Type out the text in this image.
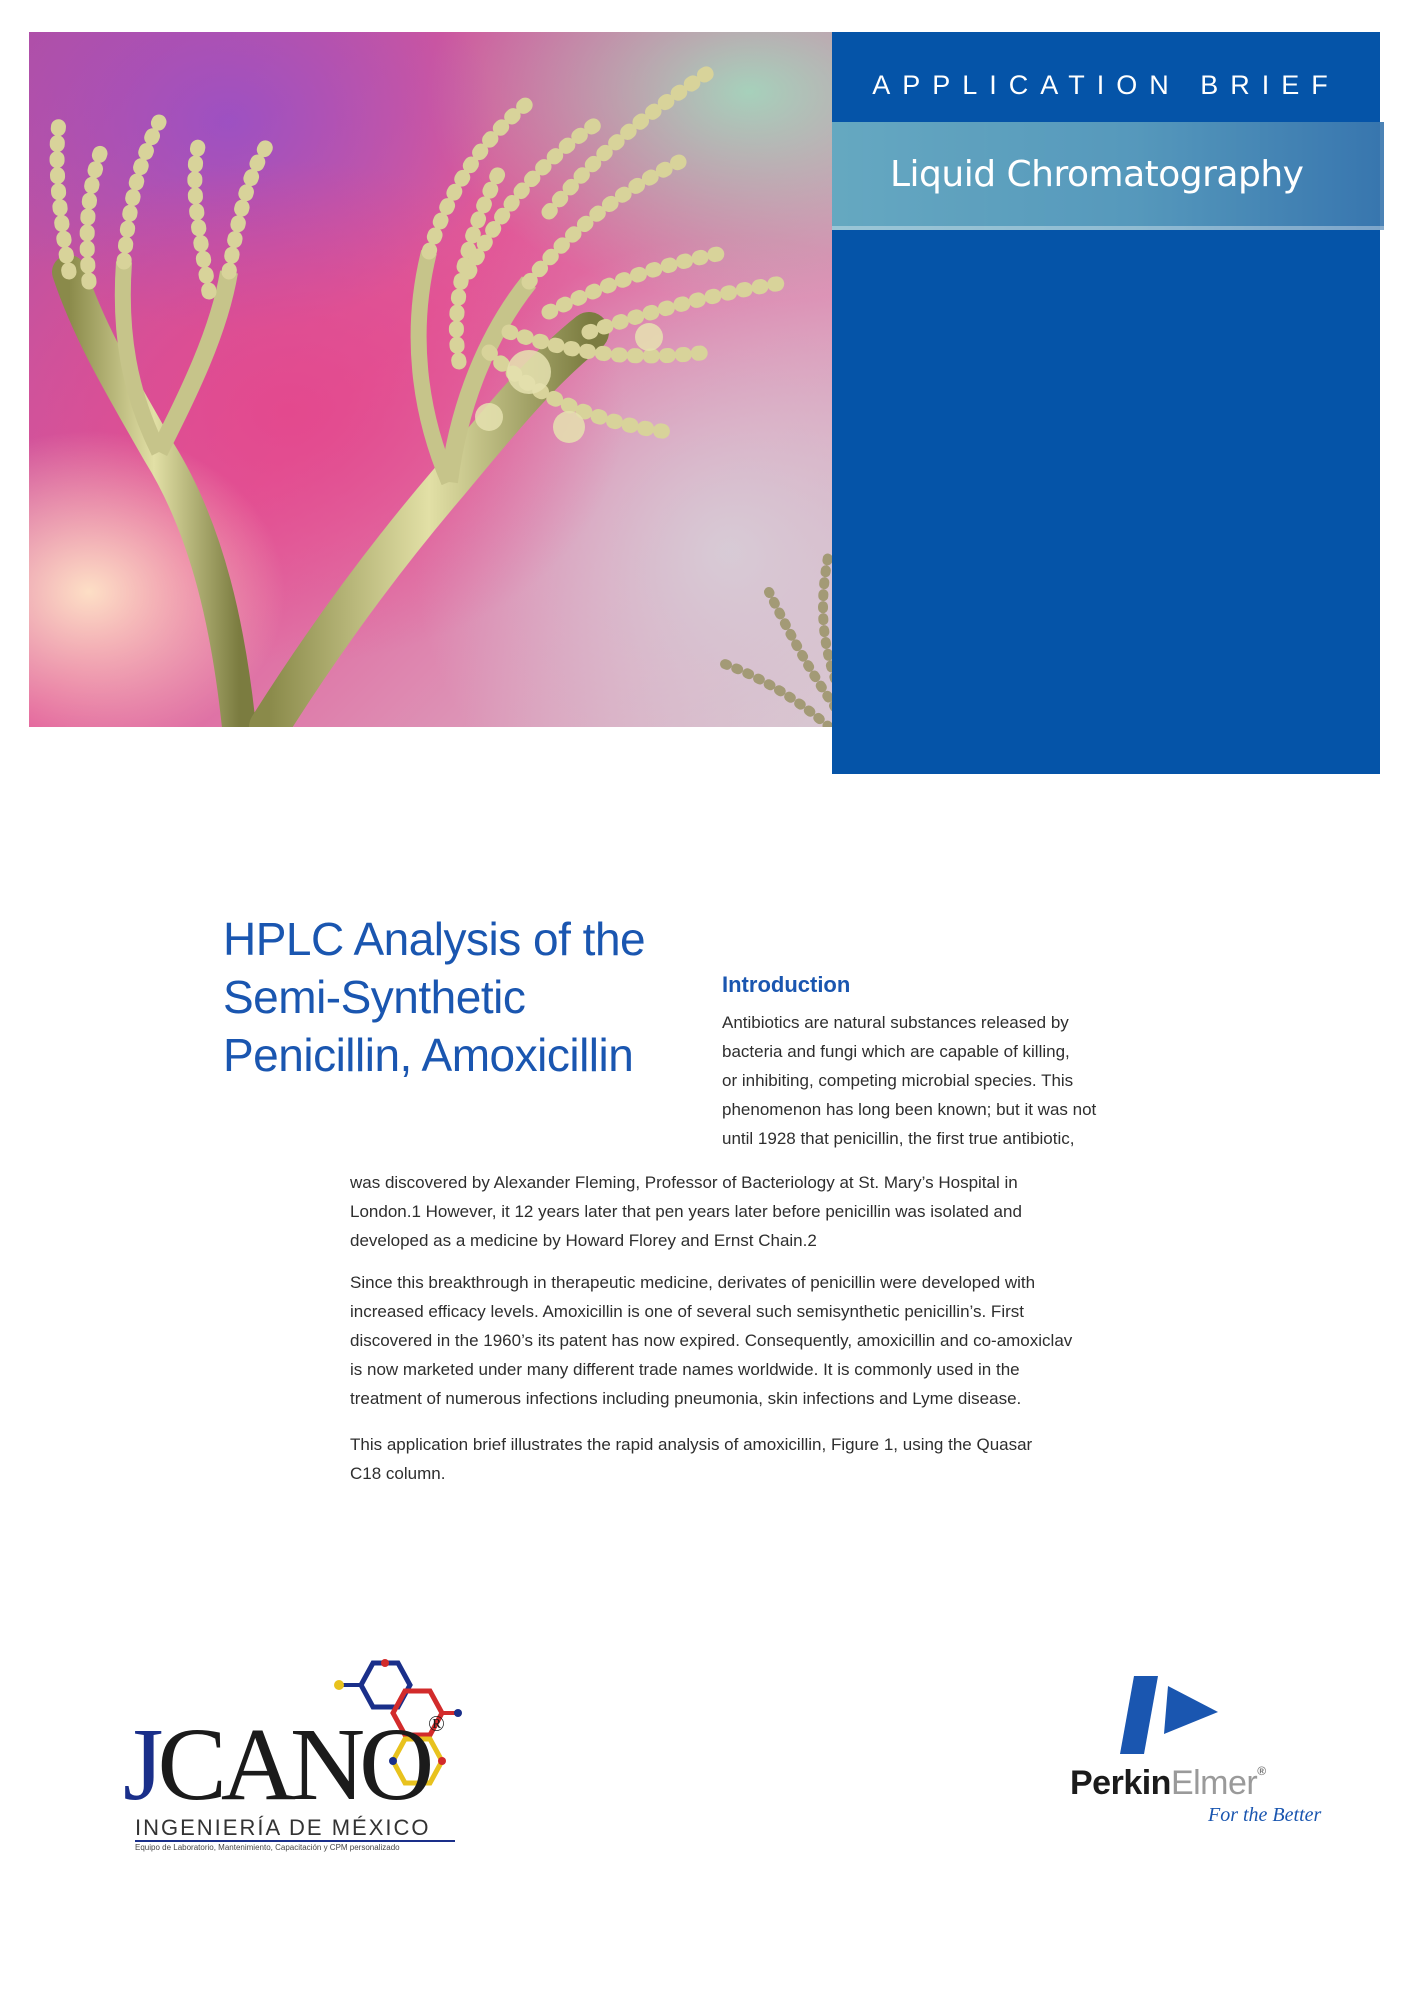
APPLICATION BRIEF
Liquid Chromatography
HPLC Analysis of the
Semi-Synthetic
Penicillin, Amoxicillin
Introduction
Antibiotics are natural substances released by
bacteria and fungi which are capable of killing,
or inhibiting, competing microbial species. This
phenomenon has long been known; but it was not
until 1928 that penicillin, the first true antibiotic,
was discovered by Alexander Fleming, Professor of Bacteriology at St. Mary’s Hospital in
London.1 However, it 12 years later that pen years later before penicillin was isolated and
developed as a medicine by Howard Florey and Ernst Chain.2
Since this breakthrough in therapeutic medicine, derivates of penicillin were developed with
increased efficacy levels. Amoxicillin is one of several such semisynthetic penicillin’s. First
discovered in the 1960’s its patent has now expired. Consequently, amoxicillin and co-amoxiclav
is now marketed under many different trade names worldwide. It is commonly used in the
treatment of numerous infections including pneumonia, skin infections and Lyme disease.
This application brief illustrates the rapid analysis of amoxicillin, Figure 1, using the Quasar
C18 column.
JCANO®
INGENIERÍA DE MÉXICO
Equipo de Laboratorio, Mantenimiento, Capacitación y CPM personalizado
PerkinElmer®
For the Better
